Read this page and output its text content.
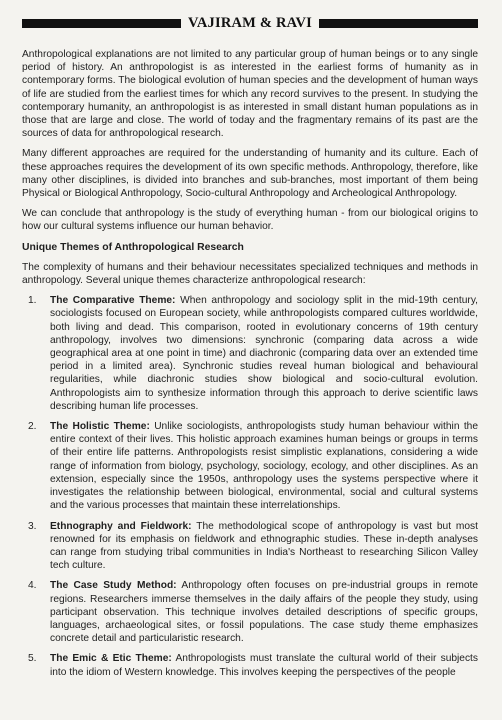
VAJIRAM & RAVI

Anthropological explanations are not limited to any particular group of human beings or to any single period of history. An anthropologist is as interested in the earliest forms of humanity as in contemporary forms. The biological evolution of human species and the development of human ways of life are studied from the earliest times for which any record survives to the present. In studying the contemporary humanity, an anthropologist is as interested in small distant human populations as in those that are large and close. The world of today and the fragmentary remains of its past are the sources of data for anthropological research.

Many different approaches are required for the understanding of humanity and its culture. Each of these approaches requires the development of its own specific methods. Anthropology, therefore, like many other disciplines, is divided into branches and sub-branches, most important of them being Physical or Biological Anthropology, Socio-cultural Anthropology and Archeological Anthropology.

We can conclude that anthropology is the study of everything human - from our biological origins to how our cultural systems influence our human behavior.

Unique Themes of Anthropological Research

The complexity of humans and their behaviour necessitates specialized techniques and methods in anthropology. Several unique themes characterize anthropological research:

1.	The Comparative Theme: When anthropology and sociology split in the mid-19th century, sociologists focused on European society, while anthropologists compared cultures worldwide, both living and dead. This comparison, rooted in evolutionary concerns of 19th century anthropology, involves two dimensions: synchronic (comparing data across a wide geographical area at one point in time) and diachronic (comparing data over an extended time period in a limited area). Synchronic studies reveal human biological and behavioural regularities, while diachronic studies show biological and socio-cultural evolution. Anthropologists aim to synthesize information through this approach to derive scientific laws describing human life processes.
2.	The Holistic Theme: Unlike sociologists, anthropologists study human behaviour within the entire context of their lives. This holistic approach examines human beings or groups in terms of their entire life patterns. Anthropologists resist simplistic explanations, considering a wide range of information from biology, psychology, sociology, ecology, and other disciplines. As an extension, especially since the 1950s, anthropology uses the systems perspective where it investigates the relationship between biological, environmental, social and cultural systems and the various processes that maintain these interrelationships.
3.	Ethnography and Fieldwork: The methodological scope of anthropology is vast but most renowned for its emphasis on fieldwork and ethnographic studies. These in-depth analyses can range from studying tribal communities in India's Northeast to researching Silicon Valley tech culture.
4.	The Case Study Method: Anthropology often focuses on pre-industrial groups in remote regions. Researchers immerse themselves in the daily affairs of the people they study, using participant observation. This technique involves detailed descriptions of specific groups, languages, archaeological sites, or fossil populations. The case study theme emphasizes concrete detail and particularistic research.
5.	The Emic & Etic Theme: Anthropologists must translate the cultural world of their subjects into the idiom of Western knowledge. This involves keeping the perspectives of the people
